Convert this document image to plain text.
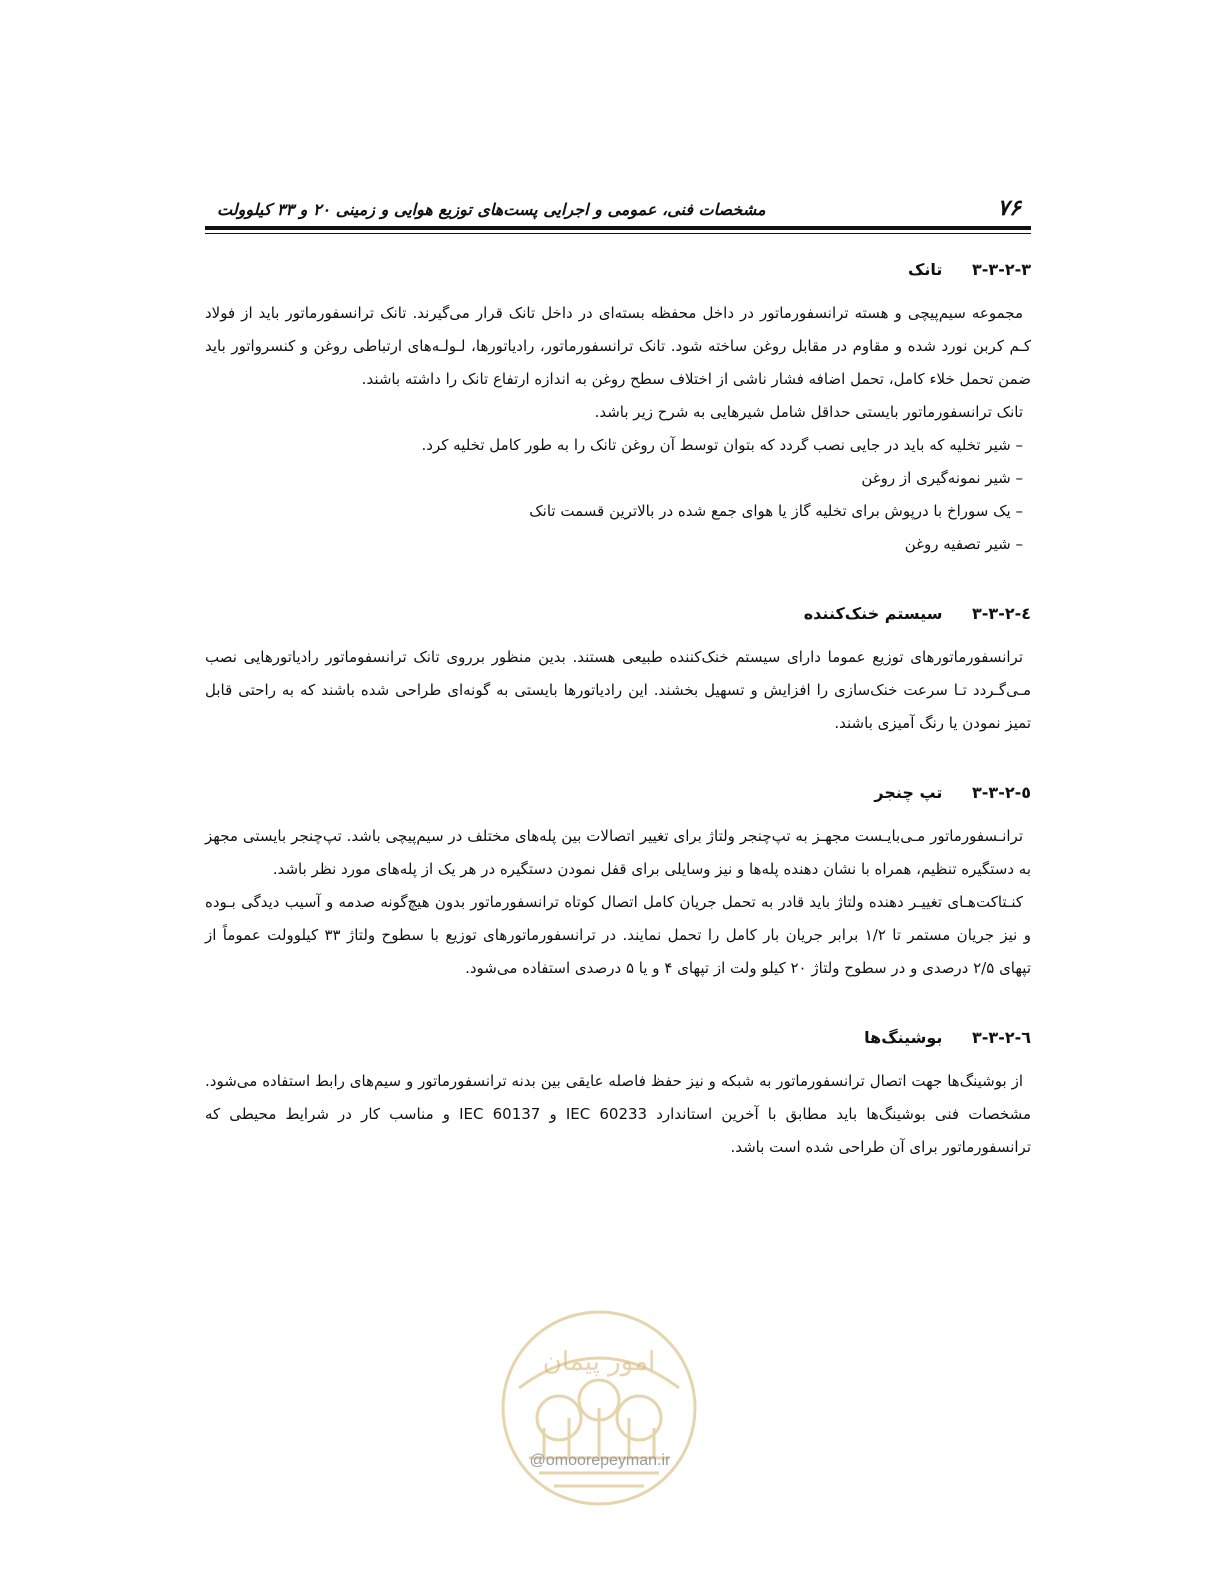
۷۶
مشخصات فنی، عمومی و اجرایی پست‌های توزیع هوایی و زمینی ۲۰ و ۳۳ کیلوولت
۳-۳-۲-۳ تانک

مجموعه سیم‌پیچی و هسته ترانسفورماتور در داخل محفظه بسته‌ای در داخل تانک قرار می‌گیرند. تانک ترانسفورماتور باید از فولاد کـم کربن نورد شده و مقاوم در مقابل روغن ساخته شود. تانک ترانسفورماتور، رادیاتورها، لـولـه‌های ارتباطی روغن و کنسرواتور باید ضمن تحمل خلاء کامل، تحمل اضافه فشار ناشی از اختلاف سطح روغن به اندازه ارتفاع تانک را داشته باشند.

تانک ترانسفورماتور بایستی حداقل شامل شیرهایی به شرح زیر باشد.

– شیر تخلیه که باید در جایی نصب گردد که بتوان توسط آن روغن تانک را به طور کامل تخلیه کرد.

– شیر نمونه‌گیری از روغن

– یک سوراخ با درپوش برای تخلیه گاز یا هوای جمع شده در بالاترین قسمت تانک

– شیر تصفیه روغن

۳-۳-۲-٤ سیستم خنک‌کننده

ترانسفورماتورهای توزیع عموما دارای سیستم خنک‌کننده طبیعی هستند. بدین منظور برروی تانک ترانسفوماتور رادیاتورهایی نصب مـی‌گـردد تـا سرعت خنک‌سازی را افزایش و تسهیل بخشند. این رادیاتورها بایستی به گونه‌ای طراحی شده باشند که به راحتی قابل تمیز نمودن یا رنگ آمیزی باشند.

۳-۳-۲-٥ تپ چنجر

ترانـسفورماتور مـی‌بایـست مجهـز به تپ‌چنجر ولتاژ برای تغییر اتصالات بین پله‌های مختلف در سیم‌پیچی باشد. تپ‌چنجر بایستی مجهز به دستگیره تنظیم، همراه با نشان دهنده پله‌ها و نیز وسایلی برای قفل نمودن دستگیره در هر یک از پله‌های مورد نظر باشد.

کنـتاکت‌هـای تغییـر دهنده ولتاژ باید قادر به تحمل جریان کامل اتصال کوتاه ترانسفورماتور بدون هیچ‌گونه صدمه و آسیب دیدگی بـوده و نیز جریان مستمر تا ۱/۲ برابر جریان بار کامل را تحمل نمایند. در ترانسفورماتورهای توزیع با سطوح ولتاژ ۳۳ کیلوولت عموماً از تپهای ۲/۵ درصدی و در سطوح ولتاژ ۲۰ کیلو ولت از تپهای ۴ و یا ۵ درصدی استفاده می‌شود.

۳-۳-۲-٦ بوشینگ‌ها

از بوشینگ‌ها جهت اتصال ترانسفورماتور به شبکه و نیز حفظ فاصله عایقی بین بدنه ترانسفورماتور و سیم‌های رابط استفاده می‌شود. مشخصات فنی بوشینگ‌ها باید مطابق با آخرین استاندارد IEC 60233 و IEC 60137 و مناسب کار در شرایط محیطی که ترانسفورماتور برای آن طراحی شده است باشد.

امور پیمان
@omoorepeyman.ir
